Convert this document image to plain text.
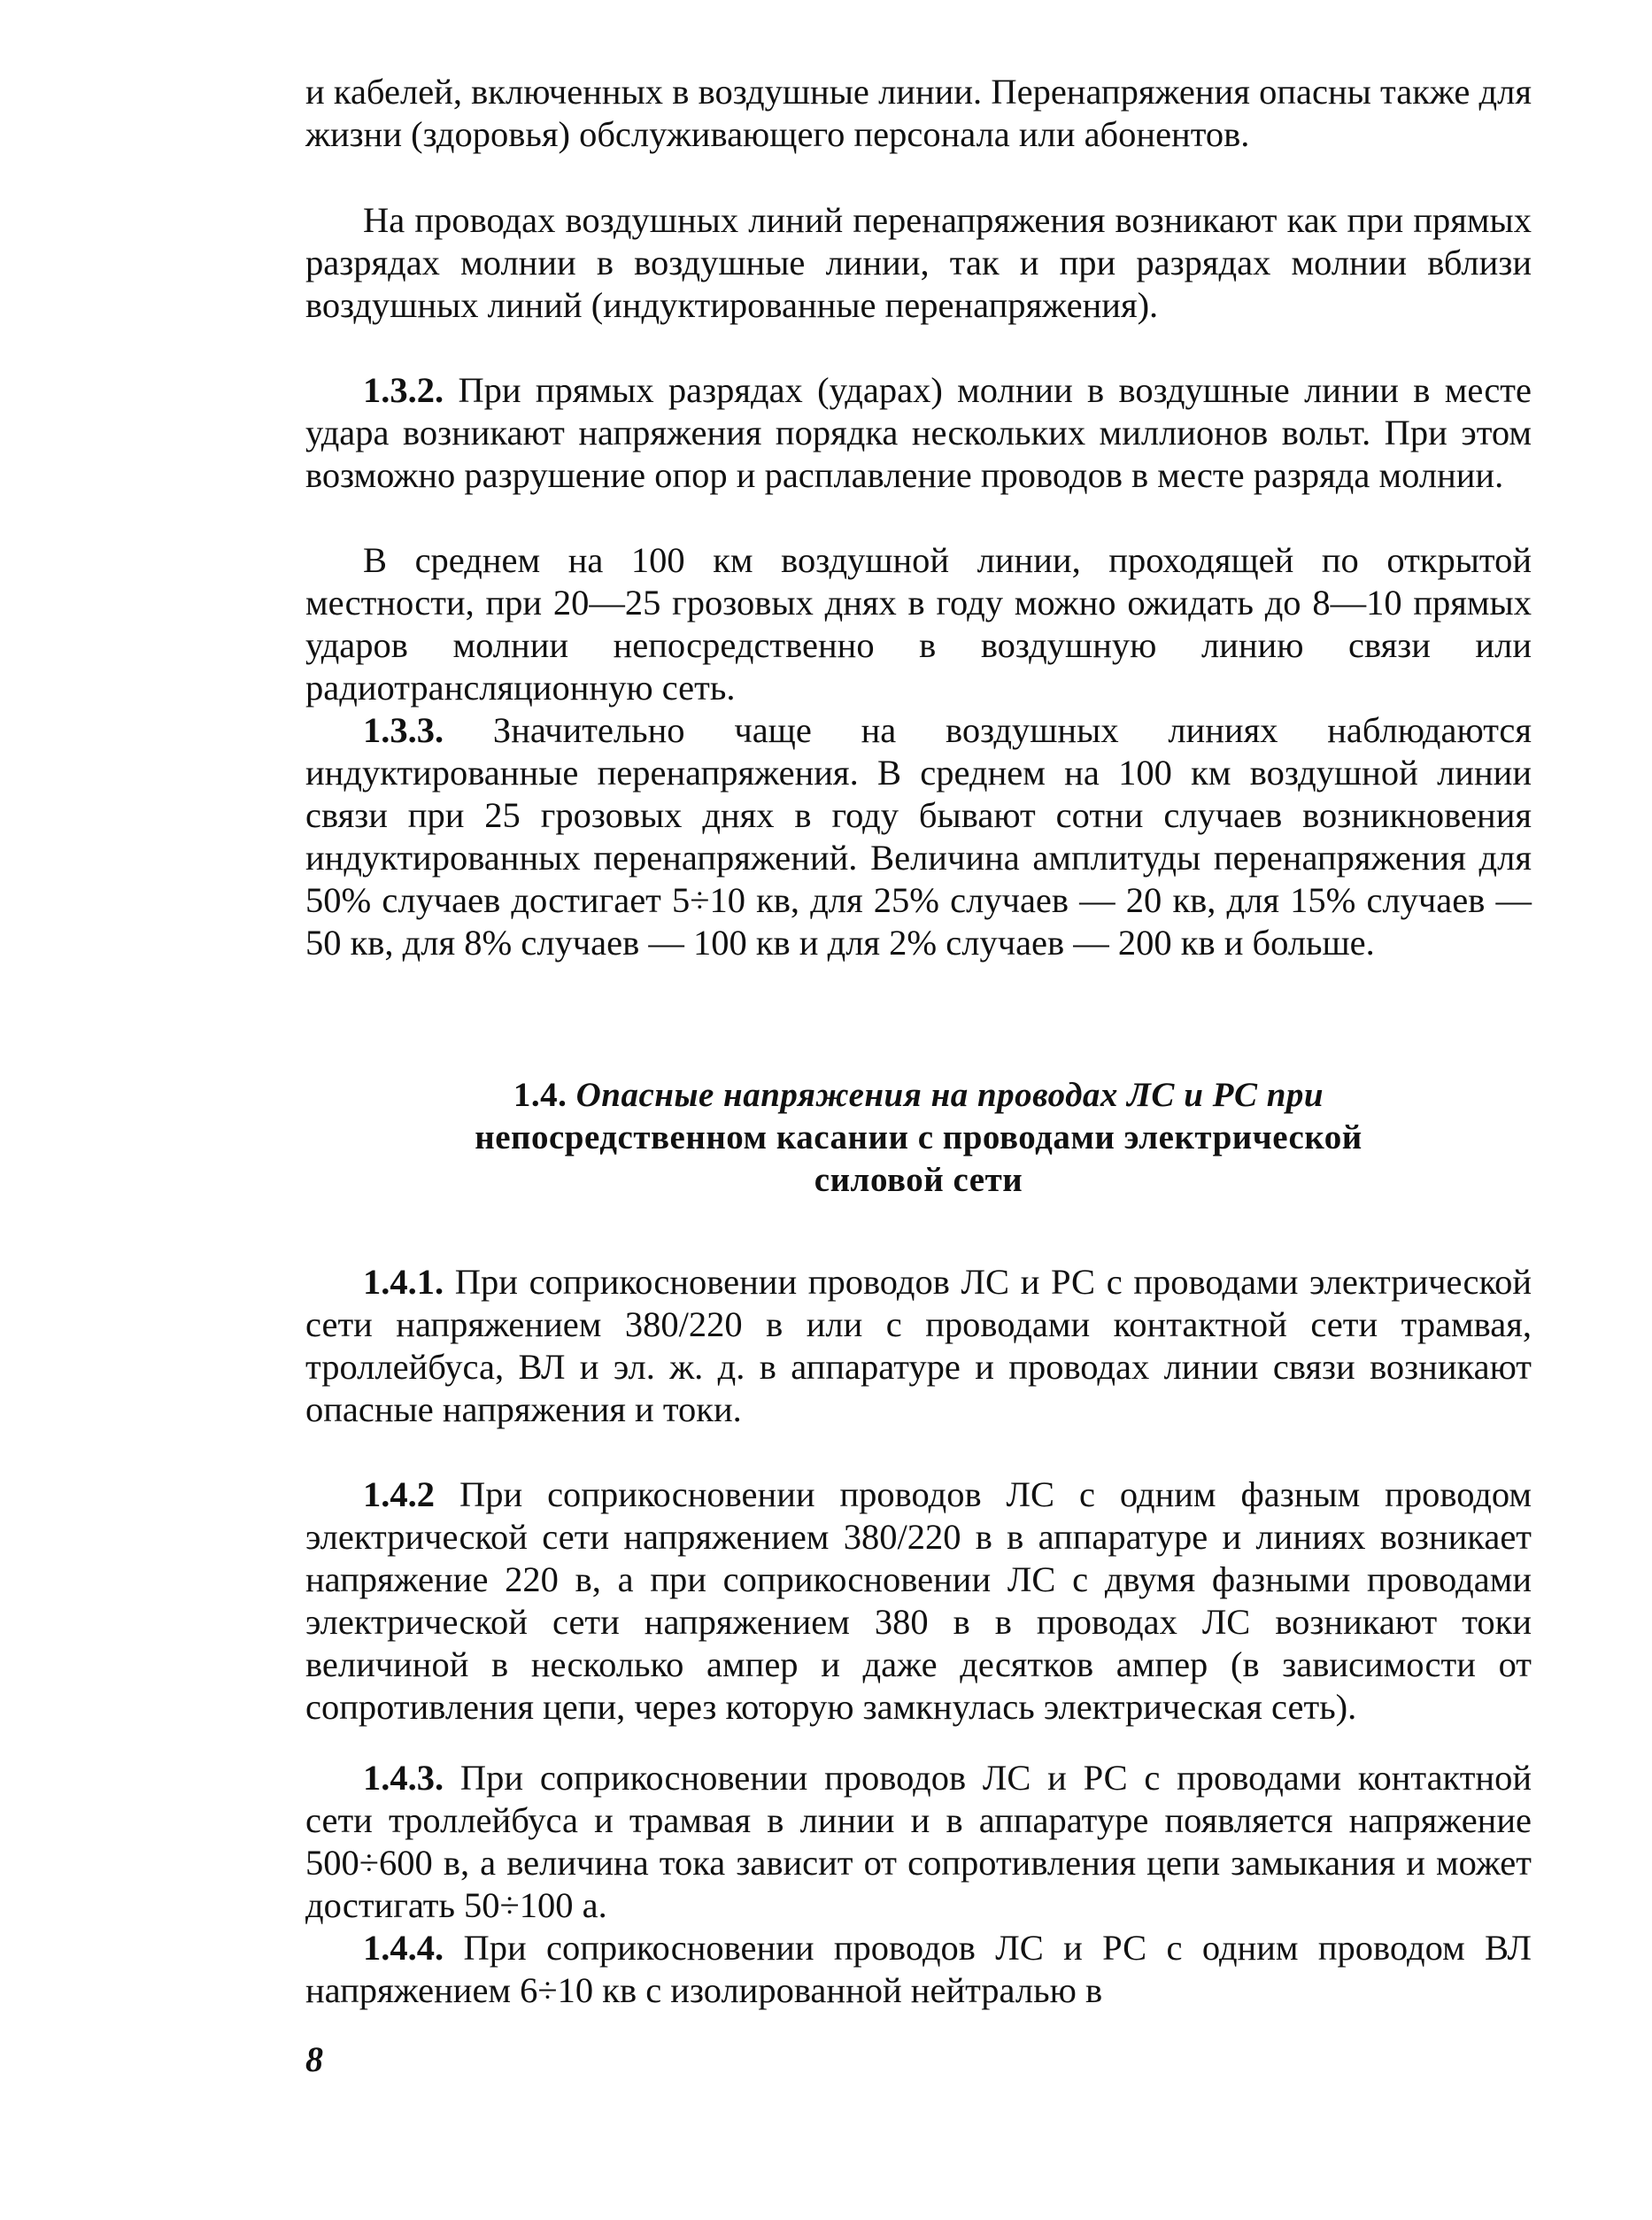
и кабелей, включенных в воздушные линии. Перенапряжения опасны также для жизни (здоровья) обслуживающего персонала или абонентов.

На проводах воздушных линий перенапряжения возникают как при прямых разрядах молнии в воздушные линии, так и при разрядах молнии вблизи воздушных линий (индуктированные перенапряжения).

1.3.2. При прямых разрядах (ударах) молнии в воздушные линии в месте удара возникают напряжения порядка нескольких миллионов вольт. При этом возможно разрушение опор и расплавление проводов в месте разряда молнии.

В среднем на 100 км воздушной линии, проходящей по открытой местности, при 20—25 грозовых днях в году можно ожидать до 8—10 прямых ударов молнии непосредственно в воздушную линию связи или радиотрансляционную сеть.

1.3.3. Значительно чаще на воздушных линиях наблюдаются индуктированные перенапряжения. В среднем на 100 км воздушной линии связи при 25 грозовых днях в году бывают сотни случаев возникновения индуктированных перенапряжений. Величина амплитуды перенапряжения для 50% случаев достигает 5÷10 кв, для 25% случаев — 20 кв, для 15% случаев — 50 кв, для 8% случаев — 100 кв и для 2% случаев — 200 кв и больше.

1.4. Опасные напряжения на проводах ЛС и РС при

непосредственном касании с проводами электрической

силовой сети

1.4.1. При соприкосновении проводов ЛС и РС с проводами электрической сети напряжением 380/220 в или с проводами контактной сети трамвая, троллейбуса, ВЛ и эл. ж. д. в аппаратуре и проводах линии связи возникают опасные напряжения и токи.

1.4.2 При соприкосновении проводов ЛС с одним фазным проводом электрической сети напряжением 380/220 в в аппаратуре и линиях возникает напряжение 220 в, а при соприкосновении ЛС с двумя фазными проводами электрической сети напряжением 380 в в проводах ЛС возникают токи величиной в несколько ампер и даже десятков ампер (в зависимости от сопротивления цепи, через которую замкнулась электрическая сеть).

1.4.3. При соприкосновении проводов ЛС и РС с проводами контактной сети троллейбуса и трамвая в линии и в аппаратуре появляется напряжение 500÷600 в, а величина тока зависит от сопротивления цепи замыкания и может достигать 50÷100 а.

1.4.4. При соприкосновении проводов ЛС и РС с одним проводом ВЛ напряжением 6÷10 кв с изолированной нейтралью в

8
